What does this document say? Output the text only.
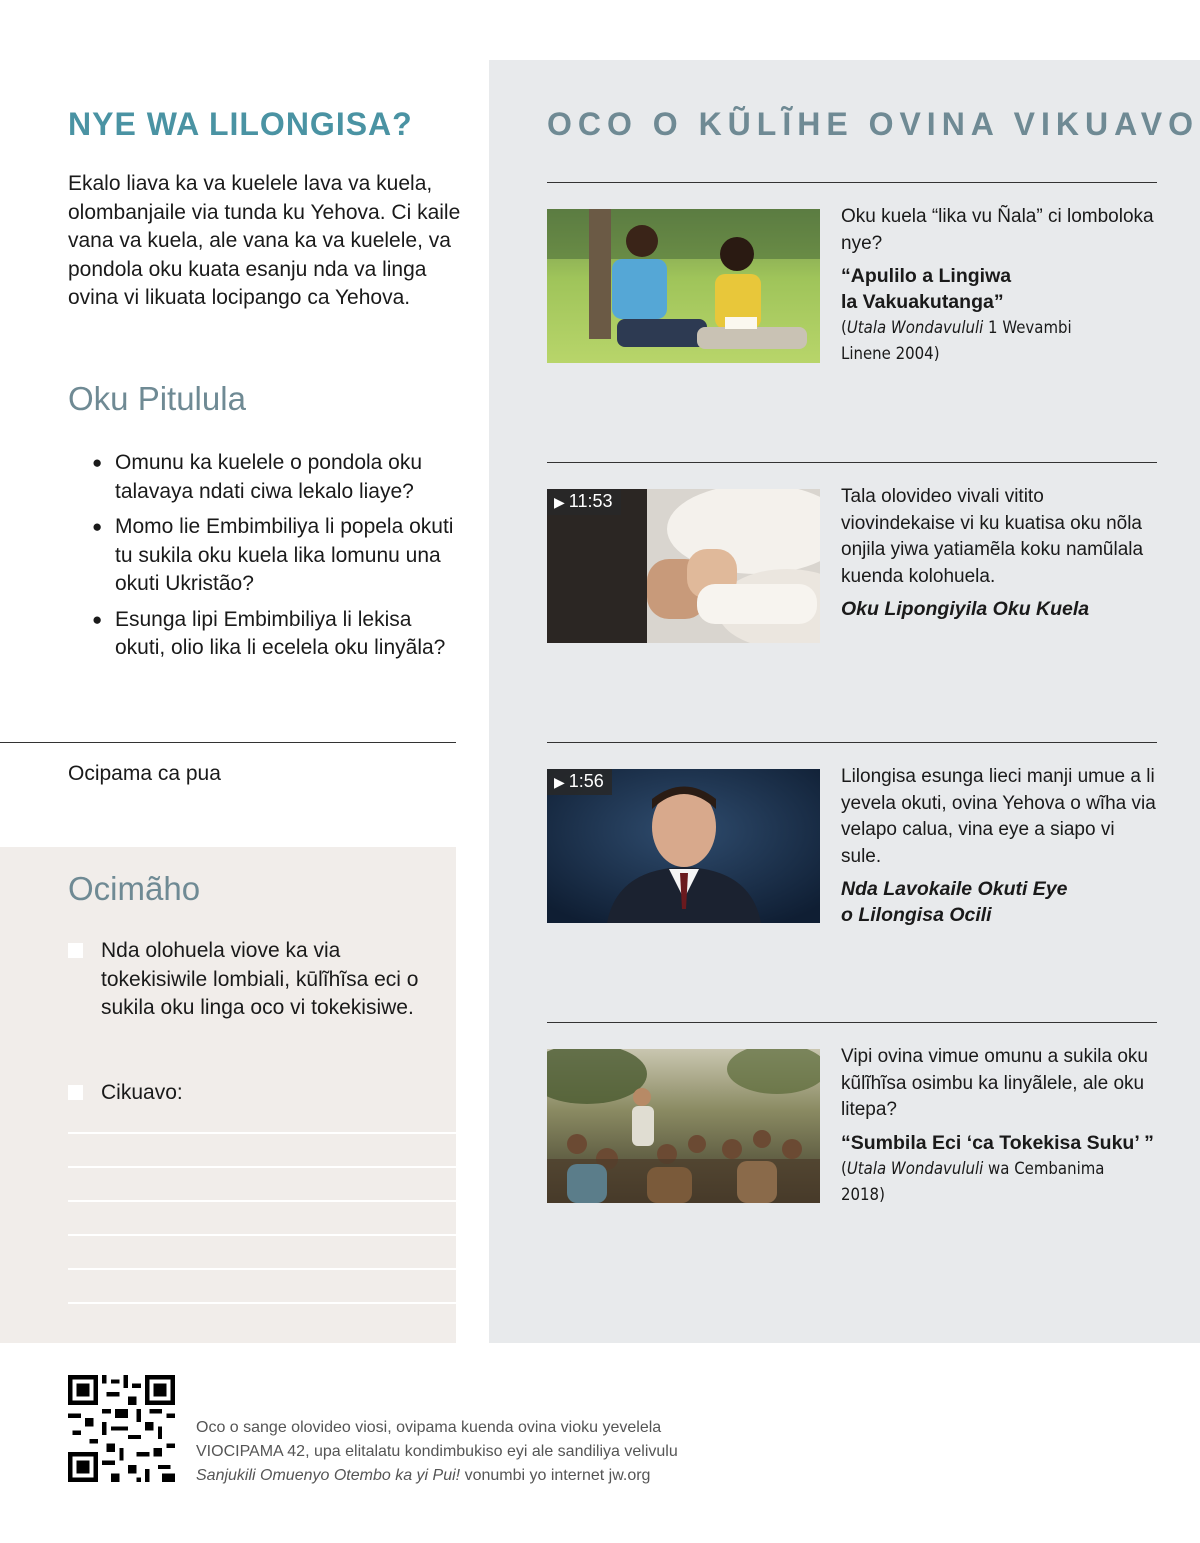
NYE WA LILONGISA?

Ekalo liava ka va kuelele lava va kuela, olombanjaile via tunda ku Yehova. Ci kaile vana va kuela, ale vana ka va kuelele, va pondola oku kuata esanju nda va linga ovina vi likuata locipango ca Yehova.

Oku Pitulula
● Omunu ka kuelele o pondola oku talavaya ndati ciwa lekalo liaye?
● Momo lie Embimbiliya li popela okuti tu sukila oku kuela lika lomunu una okuti Ukristão?
● Esunga lipi Embimbiliya li lekisa okuti, olio lika li ecelela oku linyãla?

Ocipama ca pua

Ocimãho
Nda olohuela viove ka via tokekisiwile lombiali, kūlĩhĩsa eci o sukila oku linga oco vi tokekisiwe.
Cikuavo:
OCO O KŨLĨHE OVINA VIKUAVO

Oku kuela “lika vu Ñala” ci lomboloka nye?

“Apulilo a Lingiwa
la Vakuakutanga”

(Utala Wondavululi 1 Wevambi
Linene 2004)

▶ 11:53	Tala olovideo vivali vitito viovindekaise vi ku kuatisa oku nõla onjila yiwa yatiamẽla koku namũlala kuenda kolohuela.

Oku Lipongiyila Oku Kuela

▶ 1:56	Lilongisa esunga lieci manji umue a li yevela okuti, ovina Yehova o wĩha via velapo calua, vina eye a siapo vi sule.

Nda Lavokaile Okuti Eye
o Lilongisa Ocili

Vipi ovina vimue omunu a sukila oku kũlĩhĩsa osimbu ka linyãlele, ale oku litepa?

“Sumbila Eci ‘ca Tokekisa Suku’ ”

(Utala Wondavululi wa Cembanima
2018)

Oco o sange olovideo viosi, ovipama kuenda ovina vioku yevelela
VIOCIPAMA 42, upa elitalatu kondimbukiso eyi ale sandiliya velivulu
Sanjukili Omuenyo Otembo ka yi Pui! vonumbi yo internet jw.org
